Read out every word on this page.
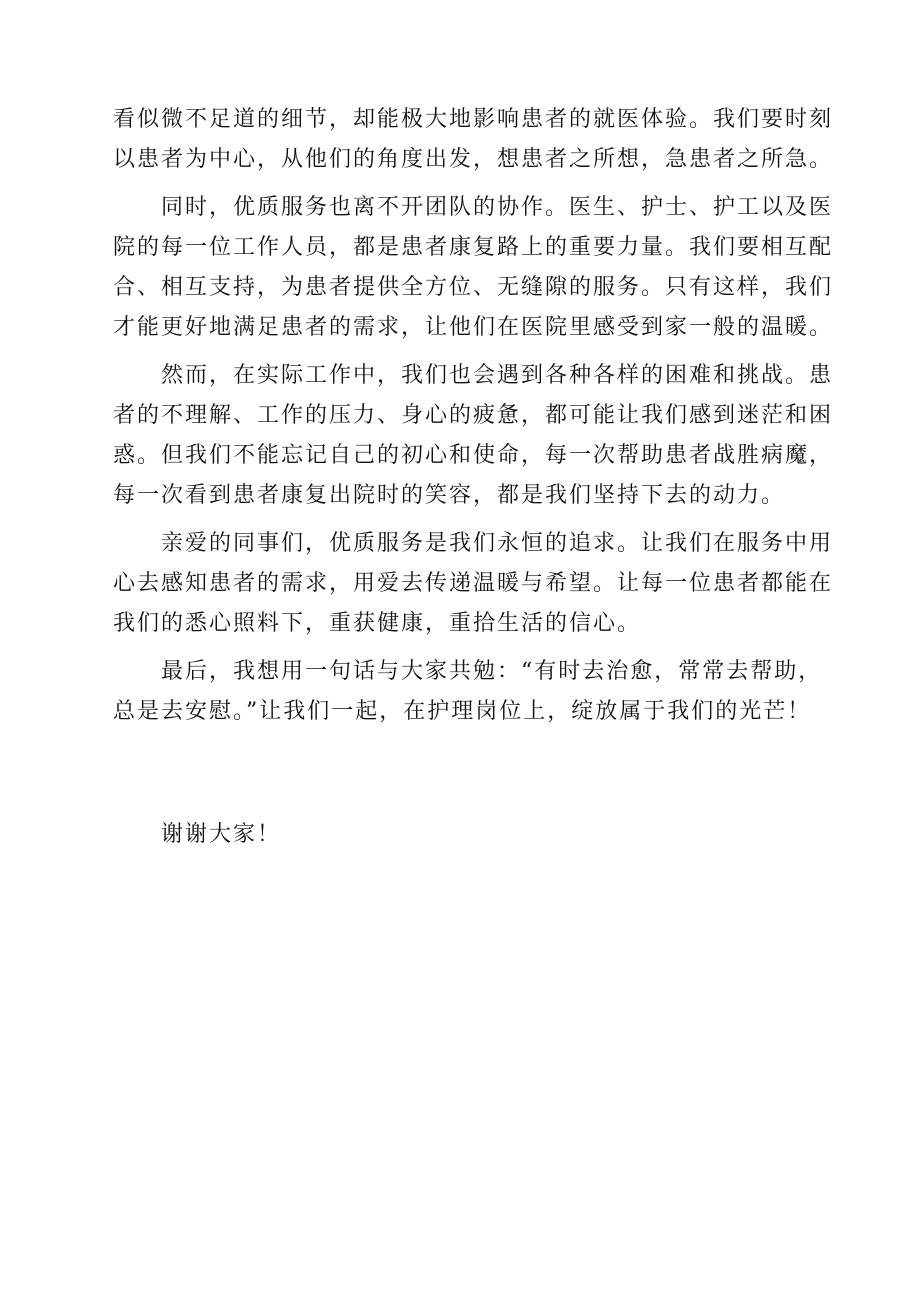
看似微不足道的细节，却能极大地影响患者的就医体验。我们要时刻
以患者为中心，从他们的角度出发，想患者之所想，急患者之所急。
同时，优质服务也离不开团队的协作。医生、护士、护工以及医
院的每一位工作人员，都是患者康复路上的重要力量。我们要相互配
合、相互支持，为患者提供全方位、无缝隙的服务。只有这样，我们
才能更好地满足患者的需求，让他们在医院里感受到家一般的温暖。
然而，在实际工作中，我们也会遇到各种各样的困难和挑战。患
者的不理解、工作的压力、身心的疲惫，都可能让我们感到迷茫和困
惑。但我们不能忘记自己的初心和使命，每一次帮助患者战胜病魔，
每一次看到患者康复出院时的笑容，都是我们坚持下去的动力。
亲爱的同事们，优质服务是我们永恒的追求。让我们在服务中用
心去感知患者的需求，用爱去传递温暖与希望。让每一位患者都能在
我们的悉心照料下，重获健康，重拾生活的信心。
最后，我想用一句话与大家共勉：“有时去治愈，常常去帮助，
总是去安慰。”让我们一起，在护理岗位上，绽放属于我们的光芒！
谢谢大家！
